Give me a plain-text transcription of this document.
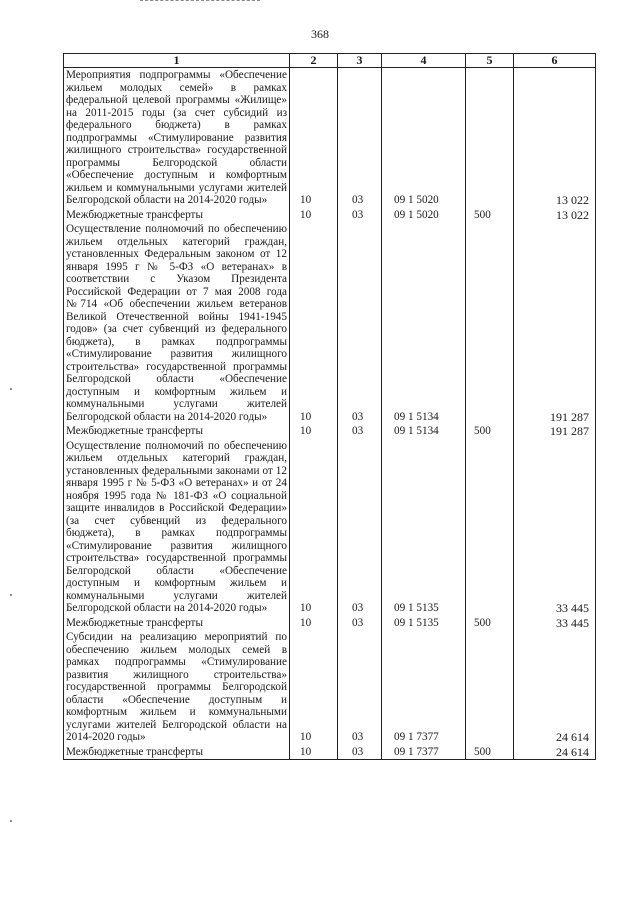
368
1	2	3	4	5	6
Мероприятия подпрограммы «Обеспечение жильем молодых семей» в рамках федеральной целевой программы «Жилище» на 2011-2015 годы (за счет субсидий из федерального бюджета) в рамках подпрограммы «Стимулирование развития жилищного строительства» государственной программы Белгородской области «Обеспечение доступным и комфортным жильем и коммунальными услугами жителей Белгородской области на 2014-2020 годы»	10	03	09 1 5020		13 022
Межбюджетные трансферты	10	03	09 1 5020	500	13 022
Осуществление полномочий по обеспечению жильем отдельных категорий граждан, установленных Федеральным законом от 12 января 1995 г № 5-ФЗ «О ветеранах» в соответствии с Указом Президента Российской Федерации от 7 мая 2008 года №714 «Об обеспечении жильем ветеранов Великой Отечественной войны 1941-1945 годов» (за счет субвенций из федерального бюджета), в рамках подпрограммы «Стимулирование развития жилищного строительства» государственной программы Белгородской области «Обеспечение доступным и комфортным жильем и коммунальными услугами жителей Белгородской области на 2014-2020 годы»	10	03	09 1 5134		191 287
Межбюджетные трансферты	10	03	09 1 5134	500	191 287
Осуществление полномочий по обеспечению жильем отдельных категорий граждан, установленных федеральными законами от 12 января 1995 г № 5-ФЗ «О ветеранах» и от 24 ноября 1995 года № 181-ФЗ «О социальной защите инвалидов в Российской Федерации» (за счет субвенций из федерального бюджета), в рамках подпрограммы «Стимулирование развития жилищного строительства» государственной программы Белгородской области «Обеспечение доступным и комфортным жильем и коммунальными услугами жителей Белгородской области на 2014-2020 годы»	10	03	09 1 5135		33 445
Межбюджетные трансферты	10	03	09 1 5135	500	33 445
Субсидии на реализацию мероприятий по обеспечению жильем молодых семей в рамках подпрограммы «Стимулирование развития жилищного строительства» государственной программы Белгородской области «Обеспечение доступным и комфортным жильем и коммунальными услугами жителей Белгородской области на 2014-2020 годы»	10	03	09 1 7377		24 614
Межбюджетные трансферты	10	03	09 1 7377	500	24 614
